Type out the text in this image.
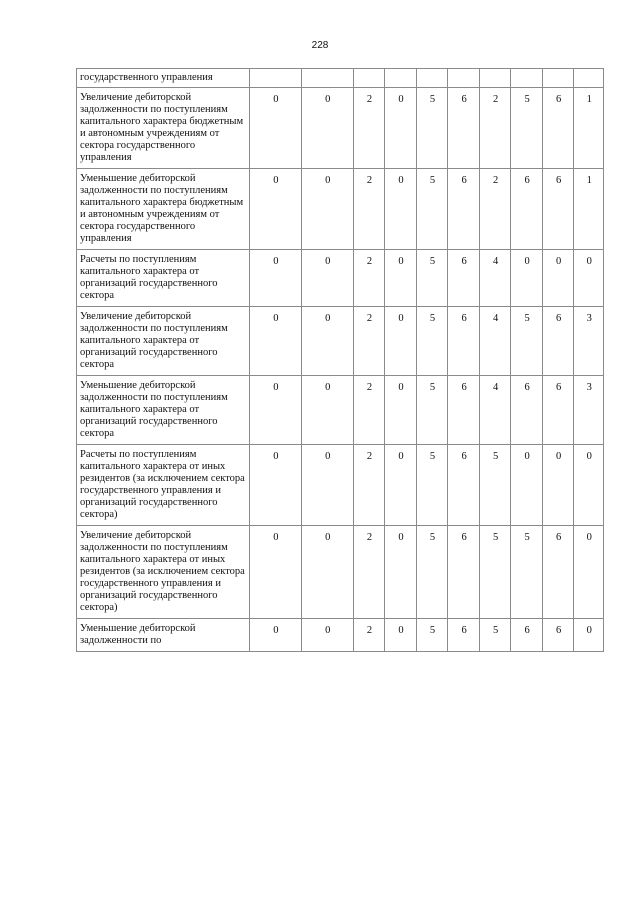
228
государственного управления										
Увеличение дебиторской задолженности по поступлениям капитального характера бюджетным и автономным учреждениям от сектора государственного управления	0	0	2	0	5	6	2	5	6	1
Уменьшение дебиторской задолженности по поступлениям капитального характера бюджетным и автономным учреждениям от сектора государственного управления	0	0	2	0	5	6	2	6	6	1
Расчеты по поступлениям капитального характера от организаций государственного сектора	0	0	2	0	5	6	4	0	0	0
Увеличение дебиторской задолженности по поступлениям капитального характера от организаций государственного сектора	0	0	2	0	5	6	4	5	6	3
Уменьшение дебиторской задолженности по поступлениям капитального характера от организаций государственного сектора	0	0	2	0	5	6	4	6	6	3
Расчеты по поступлениям капитального характера от иных резидентов (за исключением сектора государственного управления и организаций государственного сектора)	0	0	2	0	5	6	5	0	0	0
Увеличение дебиторской задолженности по поступлениям капитального характера от иных резидентов (за исключением сектора государственного управления и организаций государственного сектора)	0	0	2	0	5	6	5	5	6	0
Уменьшение дебиторской задолженности по	0	0	2	0	5	6	5	6	6	0
